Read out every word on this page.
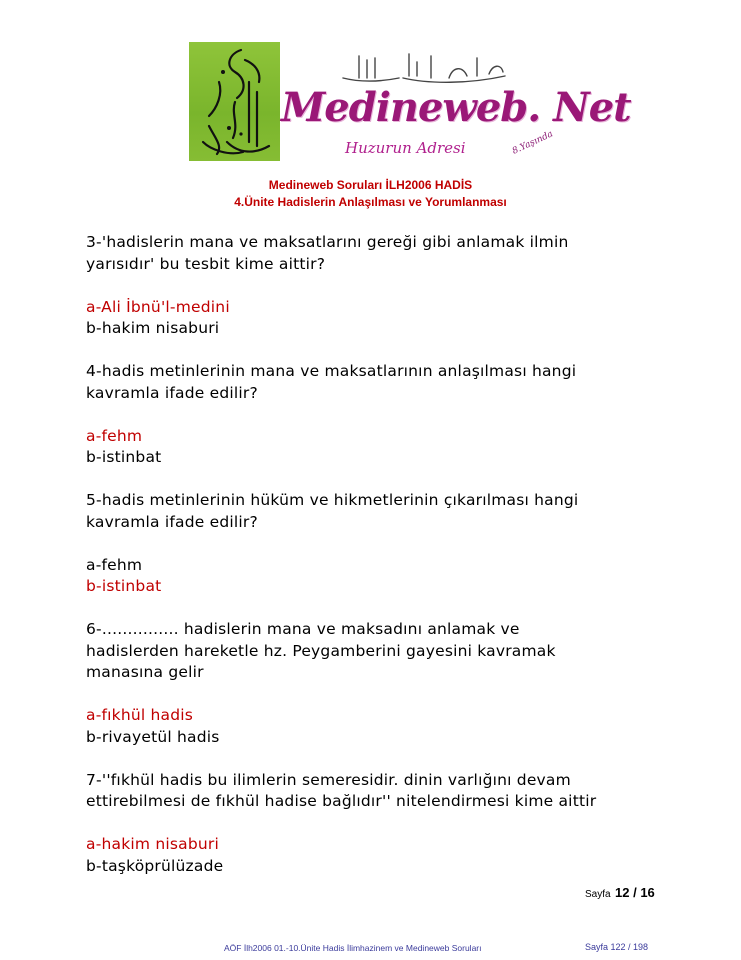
Medineweb. Net
Huzurun Adresi	8.Yaşında
Medineweb Soruları İLH2006 HADİS
4.Ünite Hadislerin Anlaşılması ve Yorumlanması
3-'hadislerin mana ve maksatlarını gereği gibi anlamak ilmin
yarısıdır' bu tesbit kime aittir?
a-Ali İbnü'l-medini
b-hakim nisaburi
4-hadis metinlerinin mana ve maksatlarının anlaşılması hangi
kavramla ifade edilir?
a-fehm
b-istinbat
5-hadis metinlerinin hüküm ve hikmetlerinin çıkarılması hangi
kavramla ifade edilir?
a-fehm
b-istinbat
6-............... hadislerin mana ve maksadını anlamak ve
hadislerden hareketle hz. Peygamberini gayesini kavramak
manasına gelir
a-fıkhül hadis
b-rivayetül hadis
7-''fıkhül hadis bu ilimlerin semeresidir. dinin varlığını devam
ettirebilmesi de fıkhül hadise bağlıdır'' nitelendirmesi kime aittir
a-hakim nisaburi
b-taşköprülüzade
Sayfa 12 / 16
AÖF İlh2006 01.-10.Ünite Hadis İlimhazinem ve Medineweb Soruları	Sayfa 122 / 198
